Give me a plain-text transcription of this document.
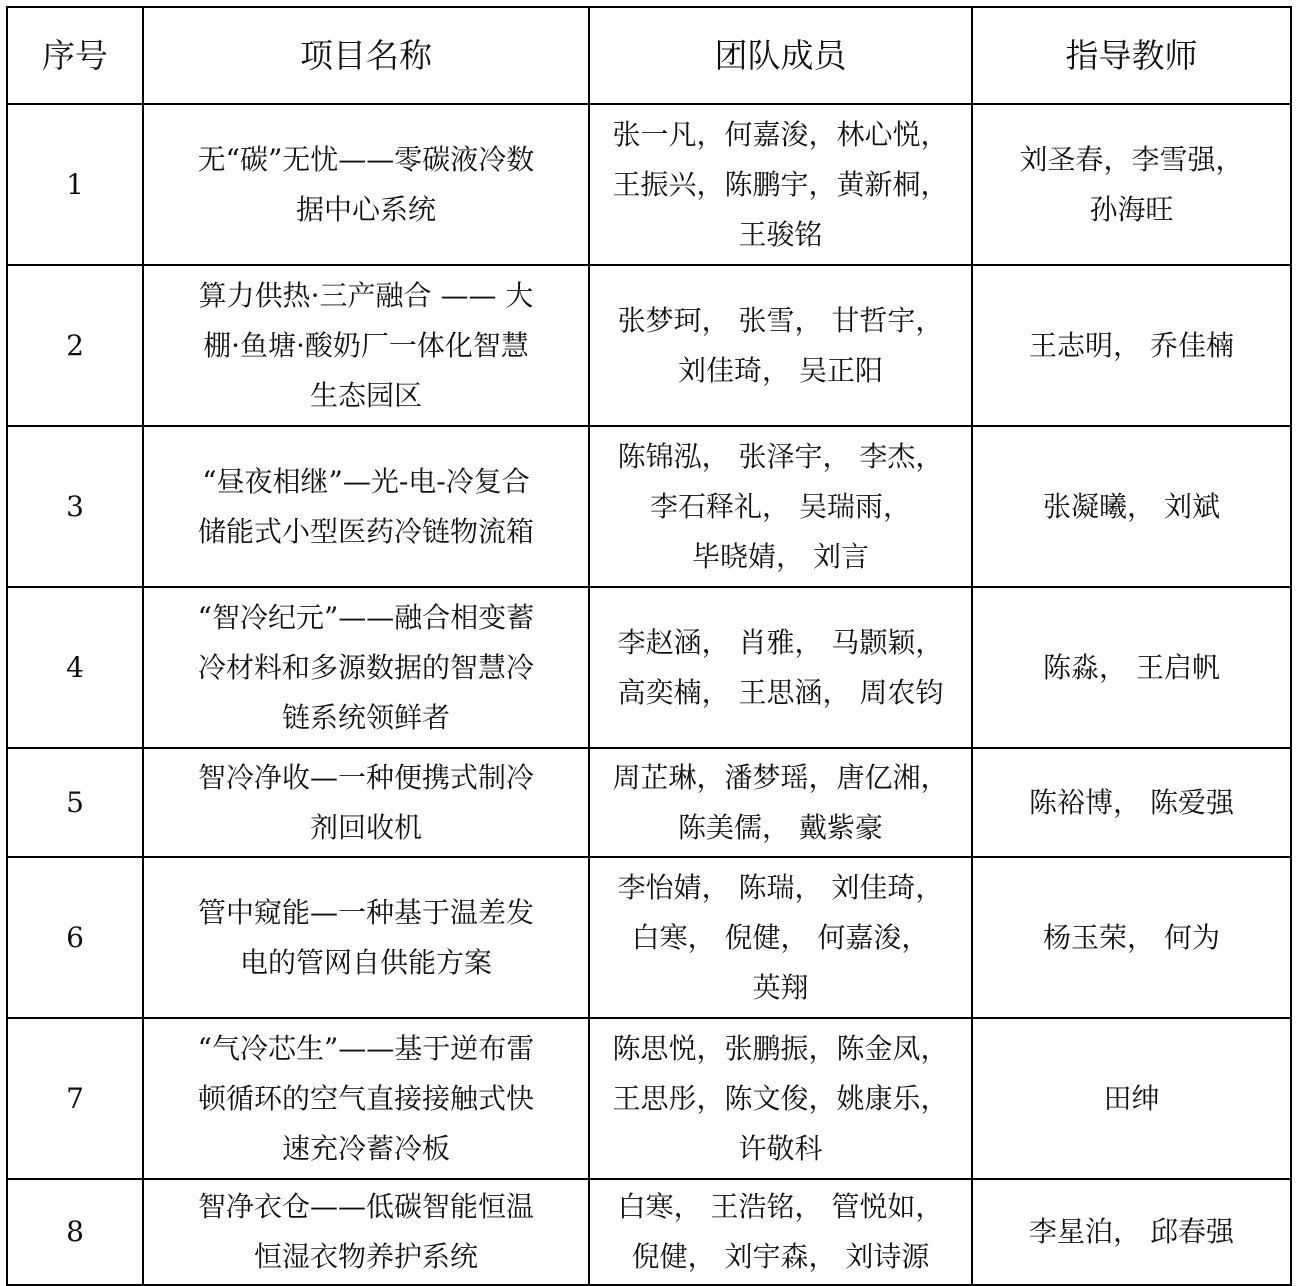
序号	项目名称	团队成员	指导教师
1	无“碳”无忧——零碳液冷数
据中心系统	张一凡，何嘉浚，林心悦，
王振兴，陈鹏宇，黄新桐，
王骏铭	刘圣春，李雪强，
孙海旺

2	算力供热·三产融合 —— 大
棚·鱼塘·酸奶厂一体化智慧
生态园区	张梦珂， 张雪， 甘哲宇，
刘佳琦， 吴正阳	王志明， 乔佳楠

3	“昼夜相继”—光-电-冷复合
储能式小型医药冷链物流箱	陈锦泓， 张泽宇， 李杰，
李石释礼， 吴瑞雨，
毕晓婧， 刘言	张凝曦， 刘斌

4	“智冷纪元”——融合相变蓄
冷材料和多源数据的智慧冷
链系统领鲜者	李赵涵， 肖雅， 马颢颖，
高奕楠， 王思涵， 周农钧	陈淼， 王启帆

5	智冷净收—一种便携式制冷
剂回收机	周芷琳，潘梦瑶，唐亿湘，
陈美儒， 戴紫豪	陈裕博， 陈爱强

6	管中窥能—一种基于温差发
电的管网自供能方案	李怡婧， 陈瑞， 刘佳琦，
白寒， 倪健， 何嘉浚，
英翔	杨玉荣， 何为

7	“气冷芯生”——基于逆布雷
顿循环的空气直接接触式快
速充冷蓄冷板	陈思悦，张鹏振，陈金凤，
王思彤，陈文俊，姚康乐，
许敬科	田绅

8	智净衣仓——低碳智能恒温
恒湿衣物养护系统	白寒， 王浩铭， 管悦如，
倪健， 刘宇森， 刘诗源	李星泊， 邱春强
